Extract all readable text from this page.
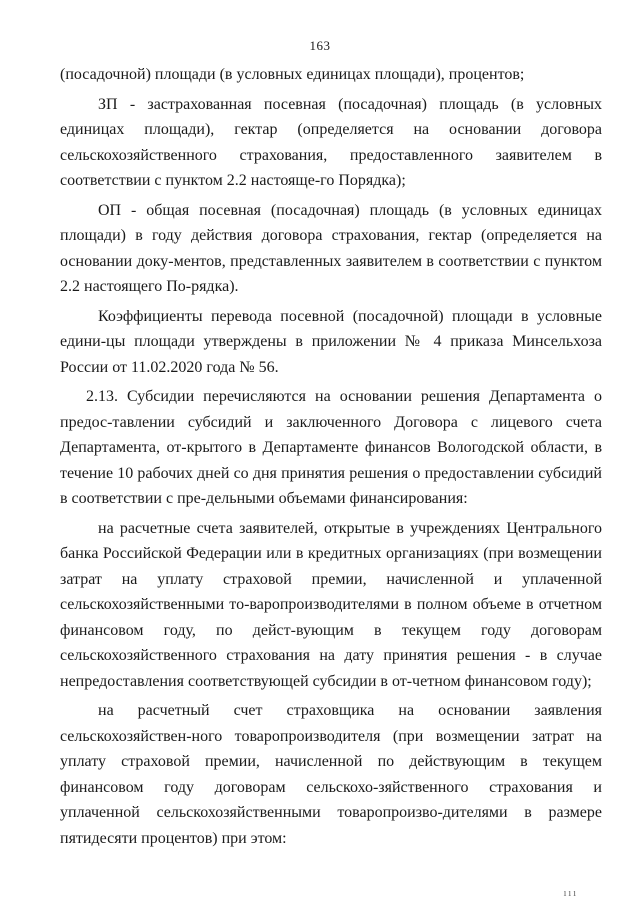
163

(посадочной) площади (в условных единицах площади), процентов;

ЗП - застрахованная посевная (посадочная) площадь (в условных единицах площади), гектар (определяется на основании договора сельскохозяйственного страхования, предоставленного заявителем в соответствии с пунктом 2.2 настояще-го Порядка);

ОП - общая посевная (посадочная) площадь (в условных единицах площади) в году действия договора страхования, гектар (определяется на основании доку-ментов, представленных заявителем в соответствии с пунктом 2.2 настоящего По-рядка).

Коэффициенты перевода посевной (посадочной) площади в условные едини-цы площади утверждены в приложении № 4 приказа Минсельхоза России от 11.02.2020 года № 56.

2.13. Субсидии перечисляются на основании решения Департамента о предос-тавлении субсидий и заключенного Договора с лицевого счета Департамента, от-крытого в Департаменте финансов Вологодской области, в течение 10 рабочих дней со дня принятия решения о предоставлении субсидий в соответствии с пре-дельными объемами финансирования:

на расчетные счета заявителей, открытые в учреждениях Центрального банка Российской Федерации или в кредитных организациях (при возмещении затрат на уплату страховой премии, начисленной и уплаченной сельскохозяйственными то-варопроизводителями в полном объеме в отчетном финансовом году, по дейст-вующим в текущем году договорам сельскохозяйственного страхования на дату принятия решения - в случае непредоставления соответствующей субсидии в от-четном финансовом году);

на расчетный счет страховщика на основании заявления сельскохозяйствен-ного товаропроизводителя (при возмещении затрат на уплату страховой премии, начисленной по действующим в текущем финансовом году договорам сельскохо-зяйственного страхования и уплаченной сельскохозяйственными товаропроизво-дителями в размере пятидесяти процентов) при этом:

ııı
